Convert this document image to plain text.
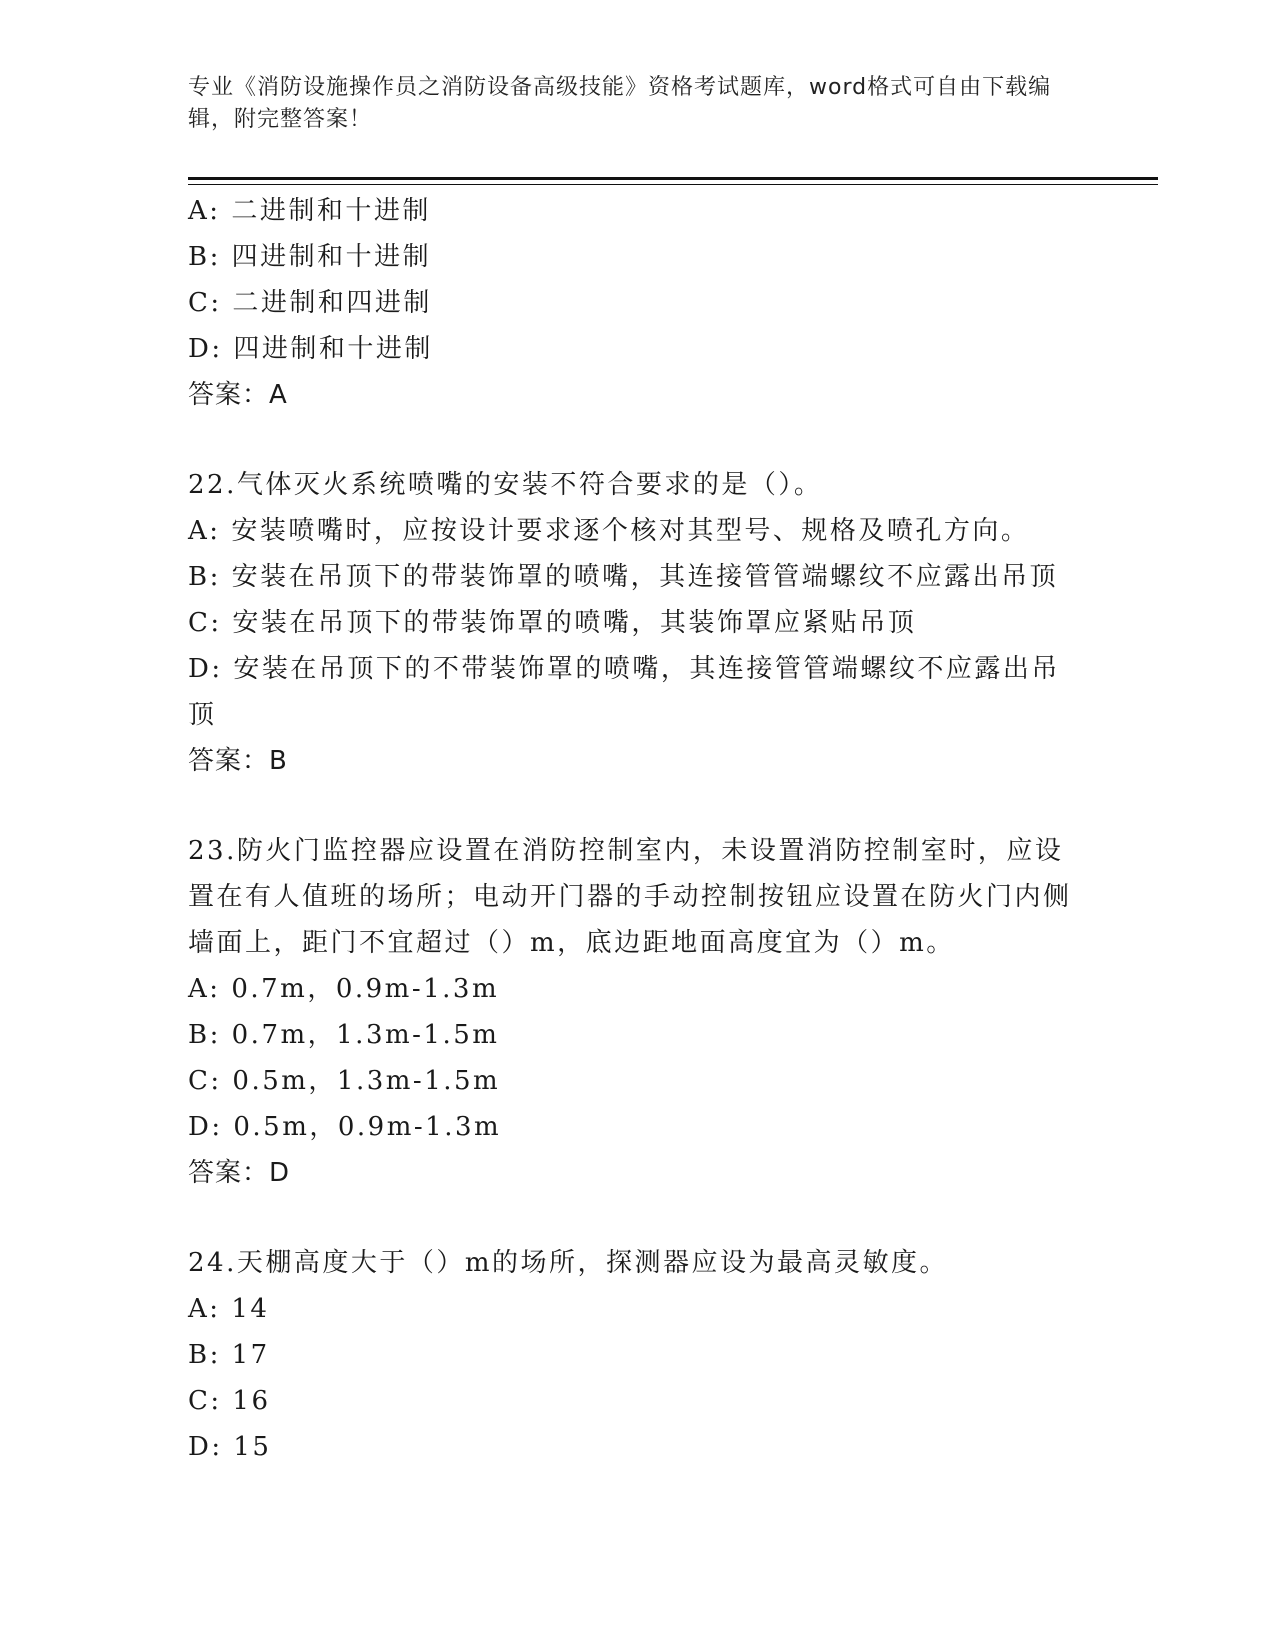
专业《消防设施操作员之消防设备高级技能》资格考试题库，word格式可自由下载编辑，附完整答案！
A: 二进制和十进制
B: 四进制和十进制
C: 二进制和四进制
D: 四进制和十进制
答案：A
22.气体灭火系统喷嘴的安装不符合要求的是（）。
A: 安装喷嘴时，应按设计要求逐个核对其型号、规格及喷孔方向。
B: 安装在吊顶下的带装饰罩的喷嘴，其连接管管端螺纹不应露出吊顶
C: 安装在吊顶下的带装饰罩的喷嘴，其装饰罩应紧贴吊顶
D: 安装在吊顶下的不带装饰罩的喷嘴，其连接管管端螺纹不应露出吊顶
答案：B
23.防火门监控器应设置在消防控制室内，未设置消防控制室时，应设置在有人值班的场所；电动开门器的手动控制按钮应设置在防火门内侧墙面上，距门不宜超过（）m，底边距地面高度宜为（）m。
A: 0.7m，0.9m-1.3m
B: 0.7m，1.3m-1.5m
C: 0.5m，1.3m-1.5m
D: 0.5m，0.9m-1.3m
答案：D
24.天棚高度大于（）m的场所，探测器应设为最高灵敏度。
A: 14
B: 17
C: 16
D: 15
